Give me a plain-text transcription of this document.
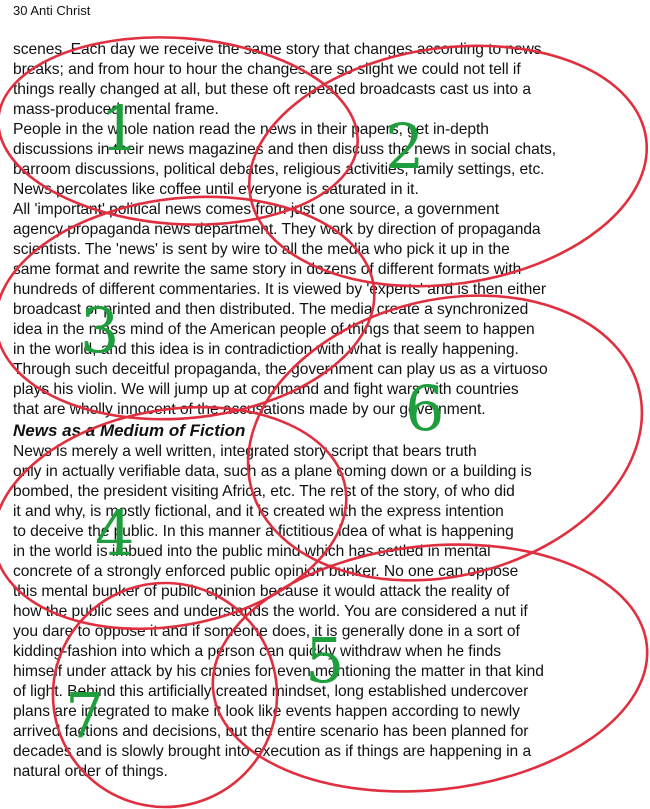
30 Anti Christ
scenes. Each day we receive the same story that changes according to news
breaks; and from hour to hour the changes are so slight we could not tell if
things really changed at all, but these oft repeated broadcasts cast us into a
mass-produced mental frame.
People in the whole nation read the news in their papers, get in-depth
discussions in their news magazines and then discuss the news in social chats,
barroom discussions, political debates, religious activities, family settings, etc.
News percolates like coffee until everyone is saturated in it.
All 'important' political news comes from just one source, a government
agency propaganda news department. They work by direction of propaganda
scientists. The 'news' is sent by wire to all the media who pick it up in the
same format and rewrite the same story in dozens of different formats with
hundreds of different commentaries. It is viewed by 'experts' and is then either
broadcast or printed and then distributed. The media create a synchronized
idea in the mass mind of the American people of things that seem to happen
in the world, and this idea is in contradiction with what is really happening.
Through such deceitful propaganda, the government can play us as a virtuoso
plays his violin. We will jump up at command and fight wars with countries
that are wholly innocent of the accusations made by our government.
News as a Medium of Fiction
News is merely a well written, integrated story script that bears truth
only in actually verifiable data, such as a plane coming down or a building is
bombed, the president visiting Africa, etc. The rest of the story, of who did
it and why, is mostly fictional, and it is created with the express intention
to deceive the public. In this manner a fictitious idea of what is happening
in the world is imbued into the public mind which has settled in mental
concrete of a strongly enforced public opinion bunker. No one can oppose
this mental bunker of public opinion because it would attack the reality of
how the public sees and understands the world. You are considered a nut if
you dare to oppose it and if someone does, it is generally done in a sort of
kidding-fashion into which a person can quickly withdraw when he finds
himself under attack by his cronies for even mentioning the matter in that kind
of light. Behind this artificially created mindset, long established undercover
plans are integrated to make it look like events happen according to newly
arrived factions and decisions, but the entire scenario has been planned for
decades and is slowly brought into execution as if things are happening in a
natural order of things.
1	2
3
6
4
5
7
